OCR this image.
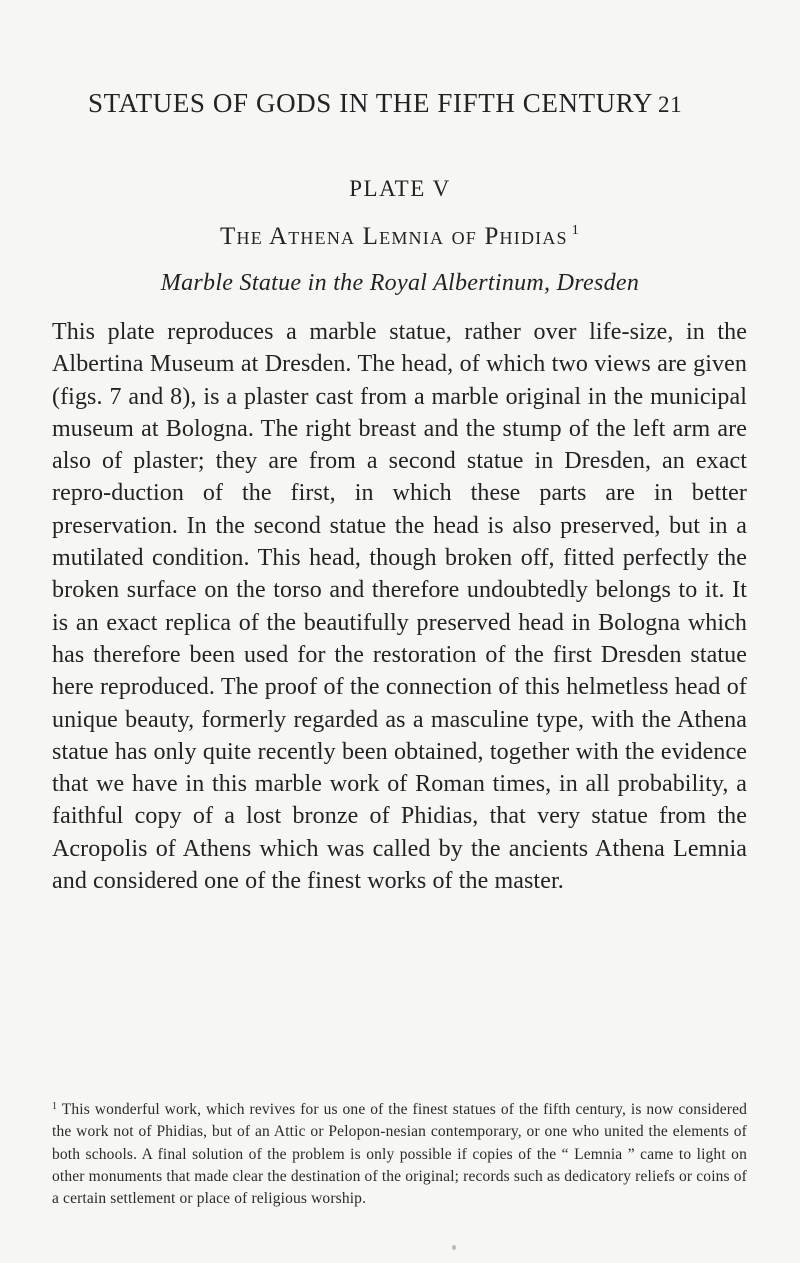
STATUES OF GODS IN THE FIFTH CENTURY 21
PLATE V
The Athena Lemnia of Phidias $^1$
Marble Statue in the Royal Albertinum, Dresden

This plate reproduces a marble statue, rather over life-size, in the Albertina Museum at Dresden. The head, of which two views are given (figs. 7 and 8), is a plaster cast from a marble original in the municipal museum at Bologna. The right breast and the stump of the left arm are also of plaster; they are from a second statue in Dresden, an exact repro-duction of the first, in which these parts are in better preservation. In the second statue the head is also preserved, but in a mutilated condition. This head, though broken off, fitted perfectly the broken surface on the torso and therefore undoubtedly belongs to it. It is an exact replica of the beautifully preserved head in Bologna which has therefore been used for the restoration of the first Dresden statue here reproduced. The proof of the connection of this helmetless head of unique beauty, formerly regarded as a masculine type, with the Athena statue has only quite recently been obtained, together with the evidence that we have in this marble work of Roman times, in all probability, a faithful copy of a lost bronze of Phidias, that very statue from the Acropolis of Athens which was called by the ancients Athena Lemnia and considered one of the finest works of the master.

$^1$ This wonderful work, which revives for us one of the finest statues of the fifth century, is now considered the work not of Phidias, but of an Attic or Pelopon-nesian contemporary, or one who united the elements of both schools. A final solution of the problem is only possible if copies of the “ Lemnia ” came to light on other monuments that made clear the destination of the original; records such as dedicatory reliefs or coins of a certain settlement or place of religious worship.
